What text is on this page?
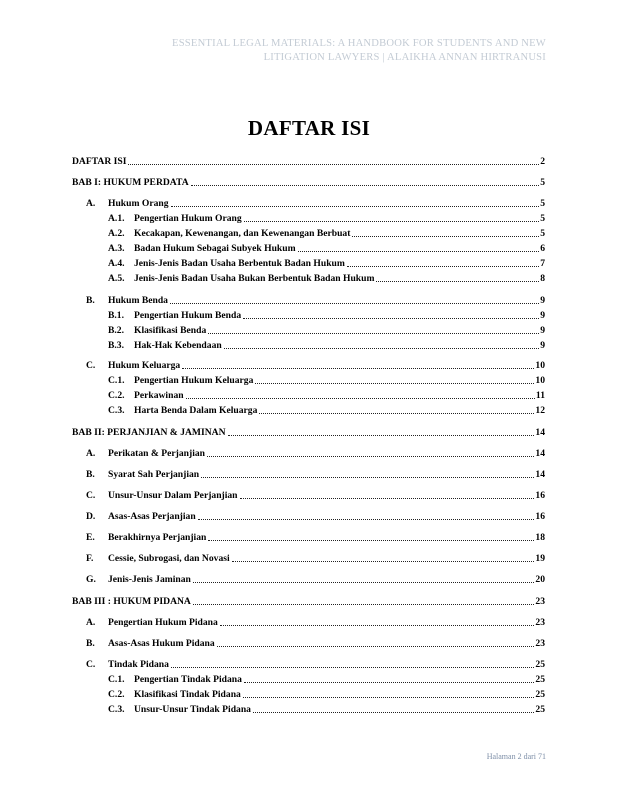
ESSENTIAL LEGAL MATERIALS: A HANDBOOK FOR STUDENTS AND NEW
LITIGATION LAWYERS | ALAIKHA ANNAN HIRTRANUSI
DAFTAR ISI
DAFTAR ISI	2
BAB I: HUKUM PERDATA	5
A.	Hukum Orang	5
A.1. Pengertian Hukum Orang	5
A.2. Kecakapan, Kewenangan, dan Kewenangan Berbuat	5
A.3. Badan Hukum Sebagai Subyek Hukum	6
A.4. Jenis-Jenis Badan Usaha Berbentuk Badan Hukum	7
A.5. Jenis-Jenis Badan Usaha Bukan Berbentuk Badan Hukum	8
B.	Hukum Benda	9
B.1.	Pengertian Hukum Benda	9
B.2.	Klasifikasi Benda	9
B.3.	Hak-Hak Kebendaan	9
C.	Hukum Keluarga	10
C.1. Pengertian Hukum Keluarga	10
C.2. Perkawinan	11
C.3. Harta Benda Dalam Keluarga	12
BAB II: PERJANJIAN & JAMINAN	14
A.	Perikatan & Perjanjian	14
B.	Syarat Sah Perjanjian	14
C.	Unsur-Unsur Dalam Perjanjian	16
D.	Asas-Asas Perjanjian	16
E.	Berakhirnya Perjanjian	18
F.	Cessie, Subrogasi, dan Novasi	19
G.	Jenis-Jenis Jaminan	20
BAB III : HUKUM PIDANA	23
A.	Pengertian Hukum Pidana	23
B.	Asas-Asas Hukum Pidana	23
C.	Tindak Pidana	25
C.1. Pengertian Tindak Pidana	25
C.2. Klasifikasi Tindak Pidana	25
C.3. Unsur-Unsur Tindak Pidana	25
Halaman 2 dari 71
